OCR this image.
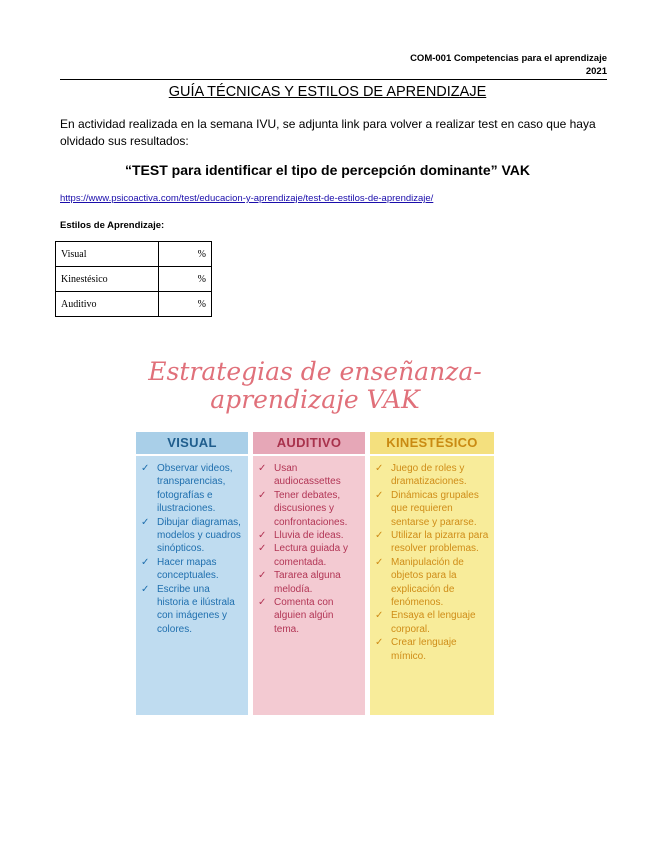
COM-001 Competencias para el aprendizaje
2021
GUÍA TÉCNICAS Y ESTILOS DE APRENDIZAJE
En actividad realizada en la semana IVU, se adjunta link para volver a realizar test en caso que haya olvidado sus resultados:
“TEST para identificar el tipo de percepción dominante” VAK
https://www.psicoactiva.com/test/educacion-y-aprendizaje/test-de-estilos-de-aprendizaje/
Estilos de Aprendizaje:
Visual	%
Kinestésico	%
Auditivo	%
Estrategias de enseñanza-
aprendizaje VAK
VISUAL
✓ Observar videos, transparencias, fotografías e ilustraciones.
✓ Dibujar diagramas, modelos y cuadros sinópticos.
✓ Hacer mapas conceptuales.
✓ Escribe una historia e ilústrala con imágenes y colores.
AUDITIVO
✓ Usan audiocassettes
✓ Tener debates, discusiones y confrontaciones.
✓ Lluvia de ideas.
✓ Lectura guiada y comentada.
✓ Tararea alguna melodía.
✓ Comenta con alguien algún tema.
KINESTÉSICO
✓ Juego de roles y dramatizaciones.
✓ Dinámicas grupales que requieren sentarse y pararse.
✓ Utilizar la pizarra para resolver problemas.
✓ Manipulación de objetos para la explicación de fenómenos.
✓ Ensaya el lenguaje corporal.
✓ Crear lenguaje mímico.
